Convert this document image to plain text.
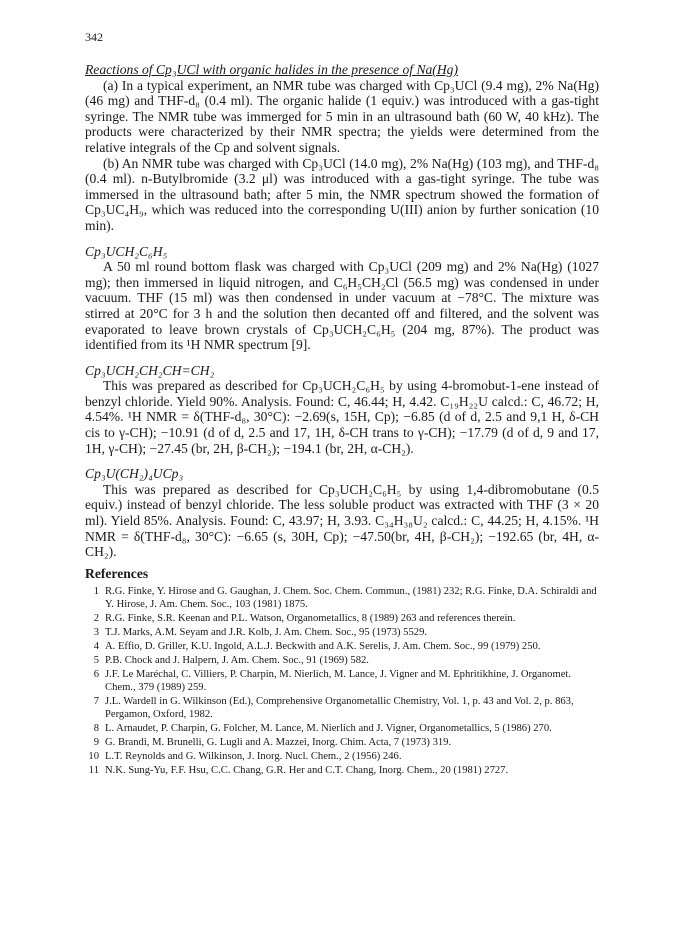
342

Reactions of Cp₃UCl with organic halides in the presence of Na(Hg)

(a) In a typical experiment, an NMR tube was charged with Cp₃UCl (9.4 mg), 2% Na(Hg) (46 mg) and THF-d₈ (0.4 ml). The organic halide (1 equiv.) was introduced with a gas-tight syringe. The NMR tube was immerged for 5 min in an ultrasound bath (60 W, 40 kHz). The products were characterized by their NMR spectra; the yields were determined from the relative integrals of the Cp and solvent signals.

(b) An NMR tube was charged with Cp₃UCl (14.0 mg), 2% Na(Hg) (103 mg), and THF-d₈ (0.4 ml). n-Butylbromide (3.2 μl) was introduced with a gas-tight syringe. The tube was immersed in the ultrasound bath; after 5 min, the NMR spectrum showed the formation of Cp₃UC₄H₉, which was reduced into the corresponding U(III) anion by further sonication (10 min).

Cp₃UCH₂C₆H₅

A 50 ml round bottom flask was charged with Cp₃UCl (209 mg) and 2% Na(Hg) (1027 mg); then immersed in liquid nitrogen, and C₆H₅CH₂Cl (56.5 mg) was condensed in under vacuum. THF (15 ml) was then condensed in under vacuum at −78°C. The mixture was stirred at 20°C for 3 h and the solution then decanted off and filtered, and the solvent was evaporated to leave brown crystals of Cp₃UCH₂C₆H₅ (204 mg, 87%). The product was identified from its ¹H NMR spectrum [9].

Cp₃UCH₂CH₂CH=CH₂

This was prepared as described for Cp₃UCH₂C₆H₅ by using 4-bromobut-1-ene instead of benzyl chloride. Yield 90%. Analysis. Found: C, 46.44; H, 4.42. C₁₉H₂₂U calcd.: C, 46.72; H, 4.54%. ¹H NMR = δ(THF-d₈, 30°C): −2.69(s, 15H, Cp); −6.85 (d of d, 2.5 and 9,1 H, δ-CH cis to γ-CH); −10.91 (d of d, 2.5 and 17, 1H, δ-CH trans to γ-CH); −17.79 (d of d, 9 and 17, 1H, γ-CH); −27.45 (br, 2H, β-CH₂); −194.1 (br, 2H, α-CH₂).

Cp₃U(CH₂)₄UCp₃

This was prepared as described for Cp₃UCH₂C₆H₅ by using 1,4-dibromobutane (0.5 equiv.) instead of benzyl chloride. The less soluble product was extracted with THF (3 × 20 ml). Yield 85%. Analysis. Found: C, 43.97; H, 3.93. C₃₄H₃₈U₂ calcd.: C, 44.25; H, 4.15%. ¹H NMR = δ(THF-d₈, 30°C): −6.65 (s, 30H, Cp); −47.50(br, 4H, β-CH₂); −192.65 (br, 4H, α-CH₂).

References

1 R.G. Finke, Y. Hirose and G. Gaughan, J. Chem. Soc. Chem. Commun., (1981) 232; R.G. Finke, D.A. Schiraldi and Y. Hirose, J. Am. Chem. Soc., 103 (1981) 1875.
2 R.G. Finke, S.R. Keenan and P.L. Watson, Organometallics, 8 (1989) 263 and references therein.
3 T.J. Marks, A.M. Seyam and J.R. Kolb, J. Am. Chem. Soc., 95 (1973) 5529.
4 A. Effio, D. Griller, K.U. Ingold, A.L.J. Beckwith and A.K. Serelis, J. Am. Chem. Soc., 99 (1979) 250.
5 P.B. Chock and J. Halpern, J. Am. Chem. Soc., 91 (1969) 582.
6 J.F. Le Maréchal, C. Villiers, P. Charpin, M. Nierlich, M. Lance, J. Vigner and M. Ephritikhine, J. Organomet. Chem., 379 (1989) 259.
7 J.L. Wardell in G. Wilkinson (Ed.), Comprehensive Organometallic Chemistry, Vol. 1, p. 43 and Vol. 2, p. 863, Pergamon, Oxford, 1982.
8 L. Arnaudet, P. Charpin, G. Folcher, M. Lance, M. Nierlich and J. Vigner, Organometallics, 5 (1986) 270.
9 G. Brandi, M. Brunelli, G. Lugli and A. Mazzei, Inorg. Chim. Acta, 7 (1973) 319.
10 L.T. Reynolds and G. Wilkinson, J. Inorg. Nucl. Chem., 2 (1956) 246.
11 N.K. Sung-Yu, F.F. Hsu, C.C. Chang, G.R. Her and C.T. Chang, Inorg. Chem., 20 (1981) 2727.
